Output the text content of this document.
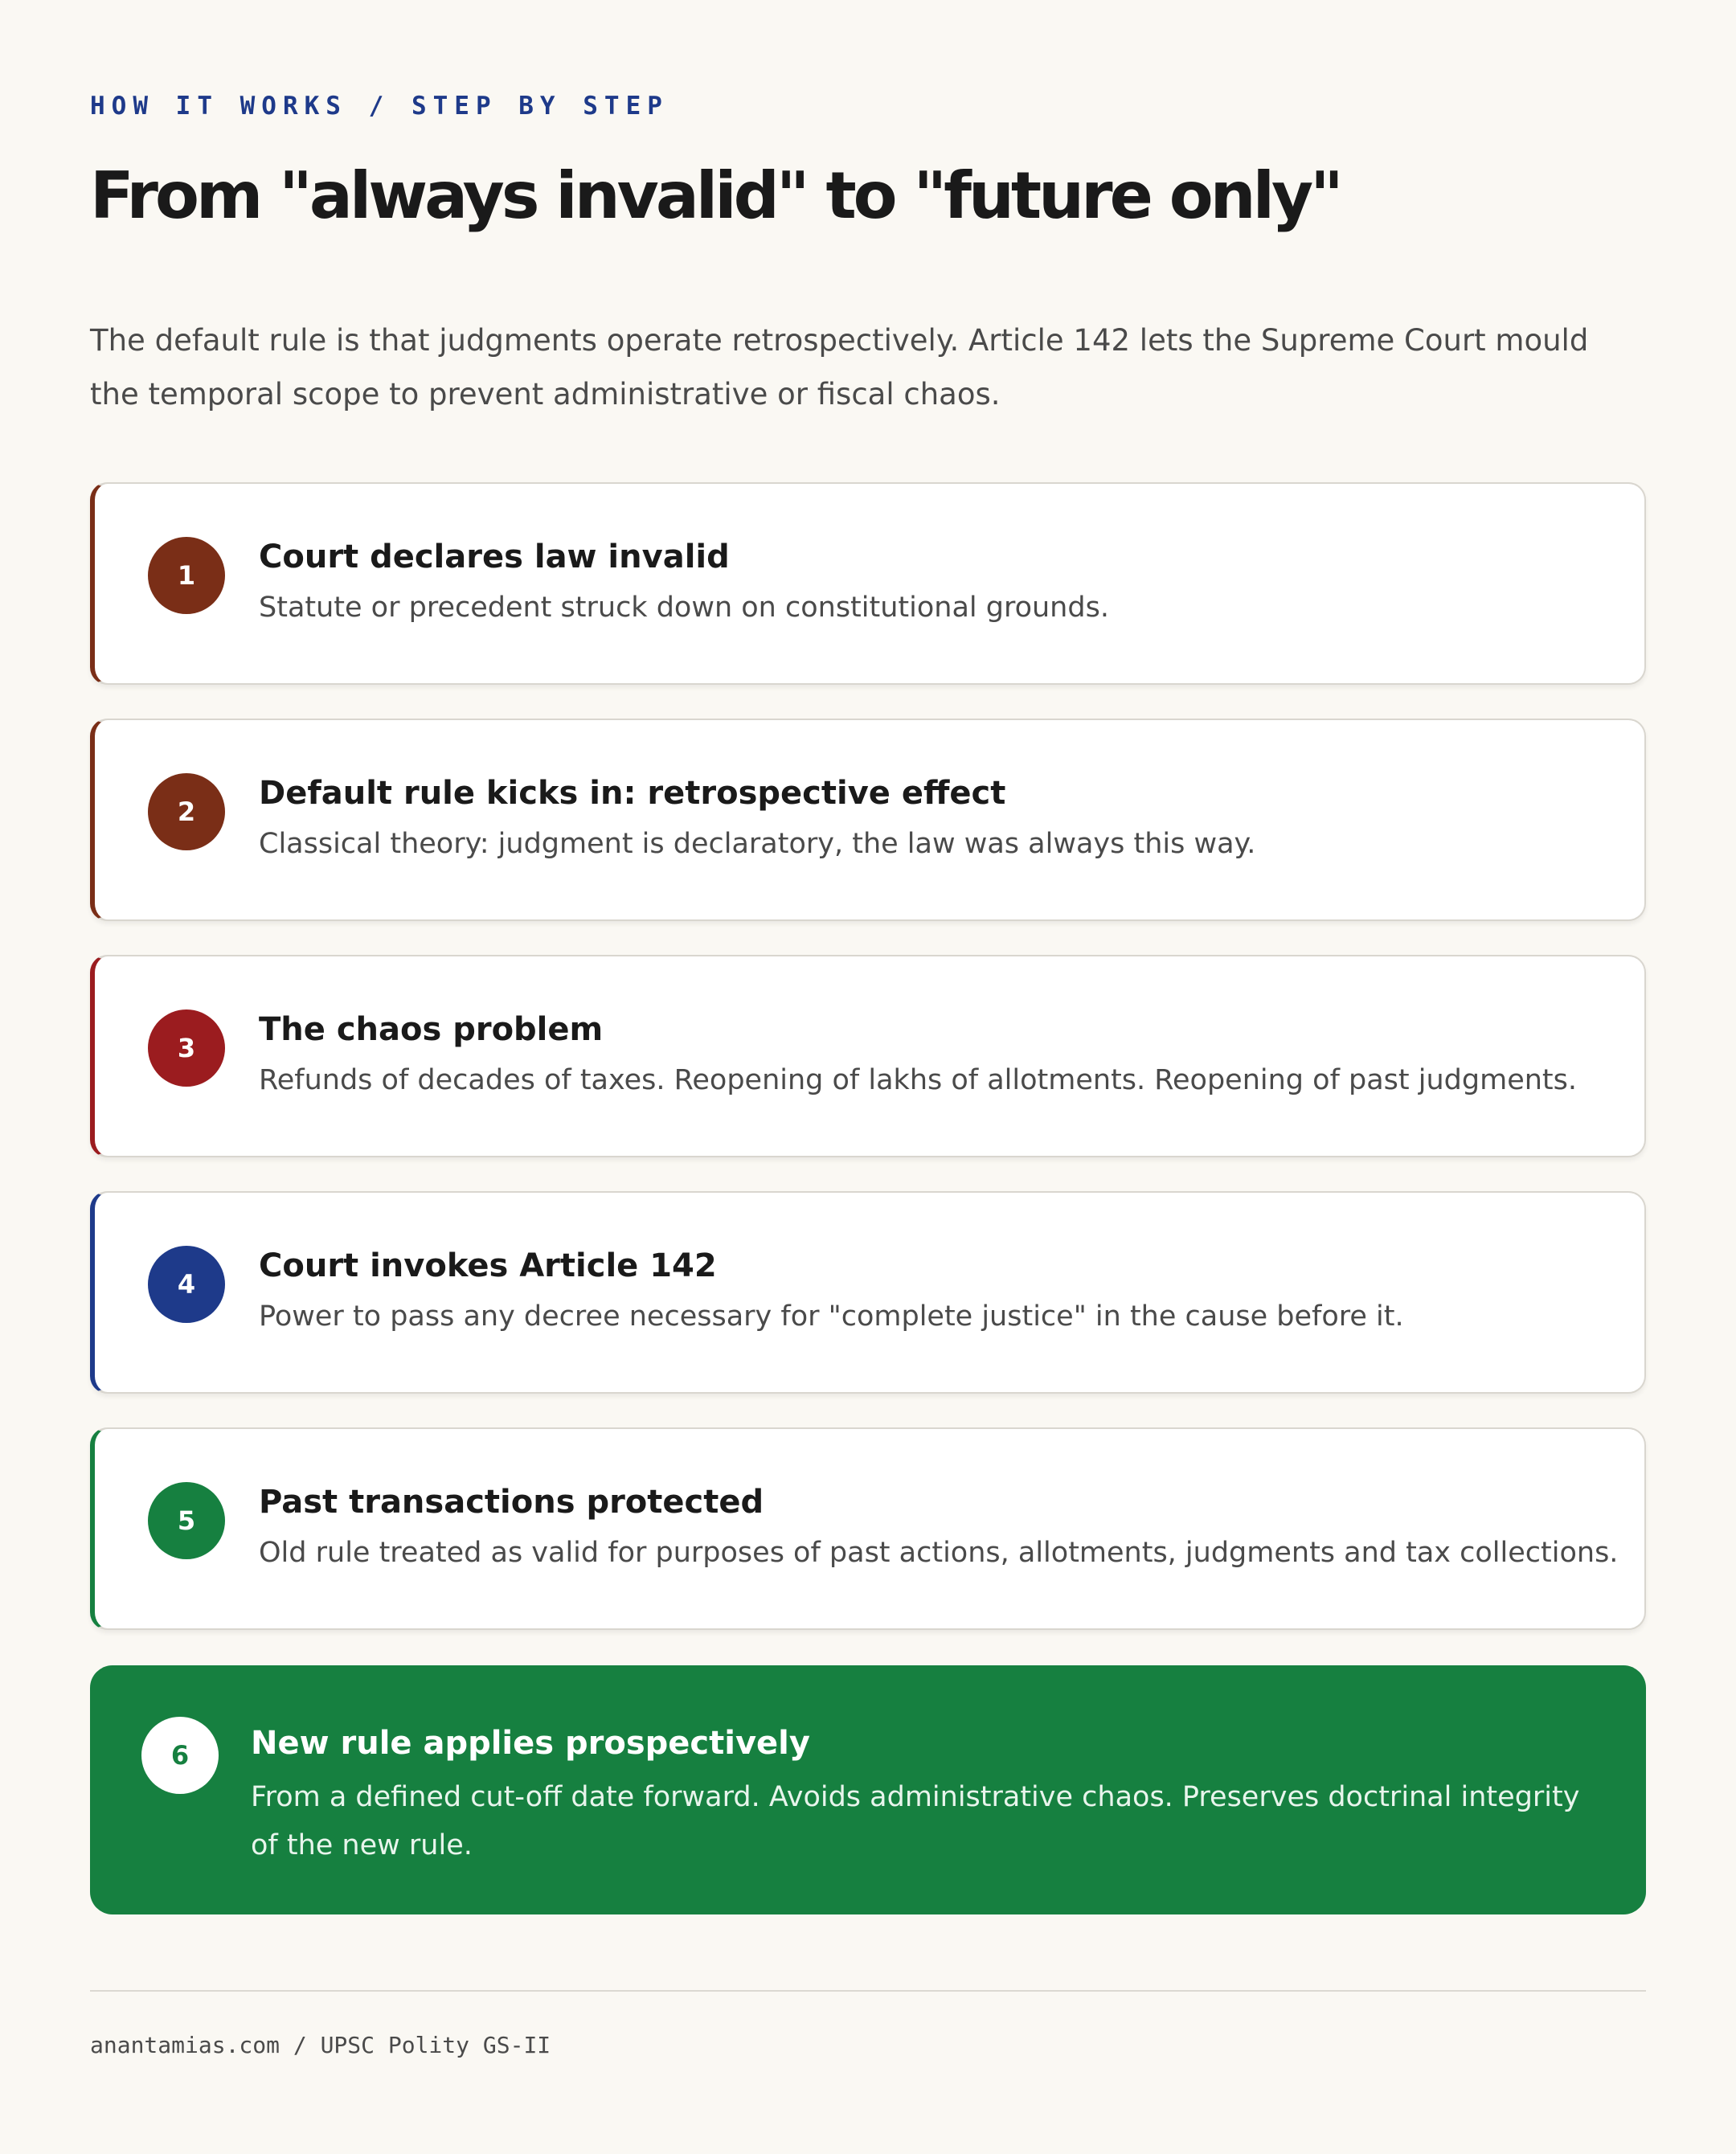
HOW IT WORKS / STEP BY STEP
From "always invalid" to "future only"

The default rule is that judgments operate retrospectively. Article 142 lets the Supreme Court mould the temporal scope to prevent administrative or fiscal chaos.

1	Court declares law invalid
Statute or precedent struck down on constitutional grounds.
2	Default rule kicks in: retrospective effect
Classical theory: judgment is declaratory, the law was always this way.
3	The chaos problem
Refunds of decades of taxes. Reopening of lakhs of allotments. Reopening of past judgments.
4	Court invokes Article 142
Power to pass any decree necessary for "complete justice" in the cause before it.
5	Past transactions protected
Old rule treated as valid for purposes of past actions, allotments, judgments and tax collections.
6	New rule applies prospectively
From a defined cut-off date forward. Avoids administrative chaos. Preserves doctrinal integrity of the new rule.
anantamias.com / UPSC Polity GS-II
